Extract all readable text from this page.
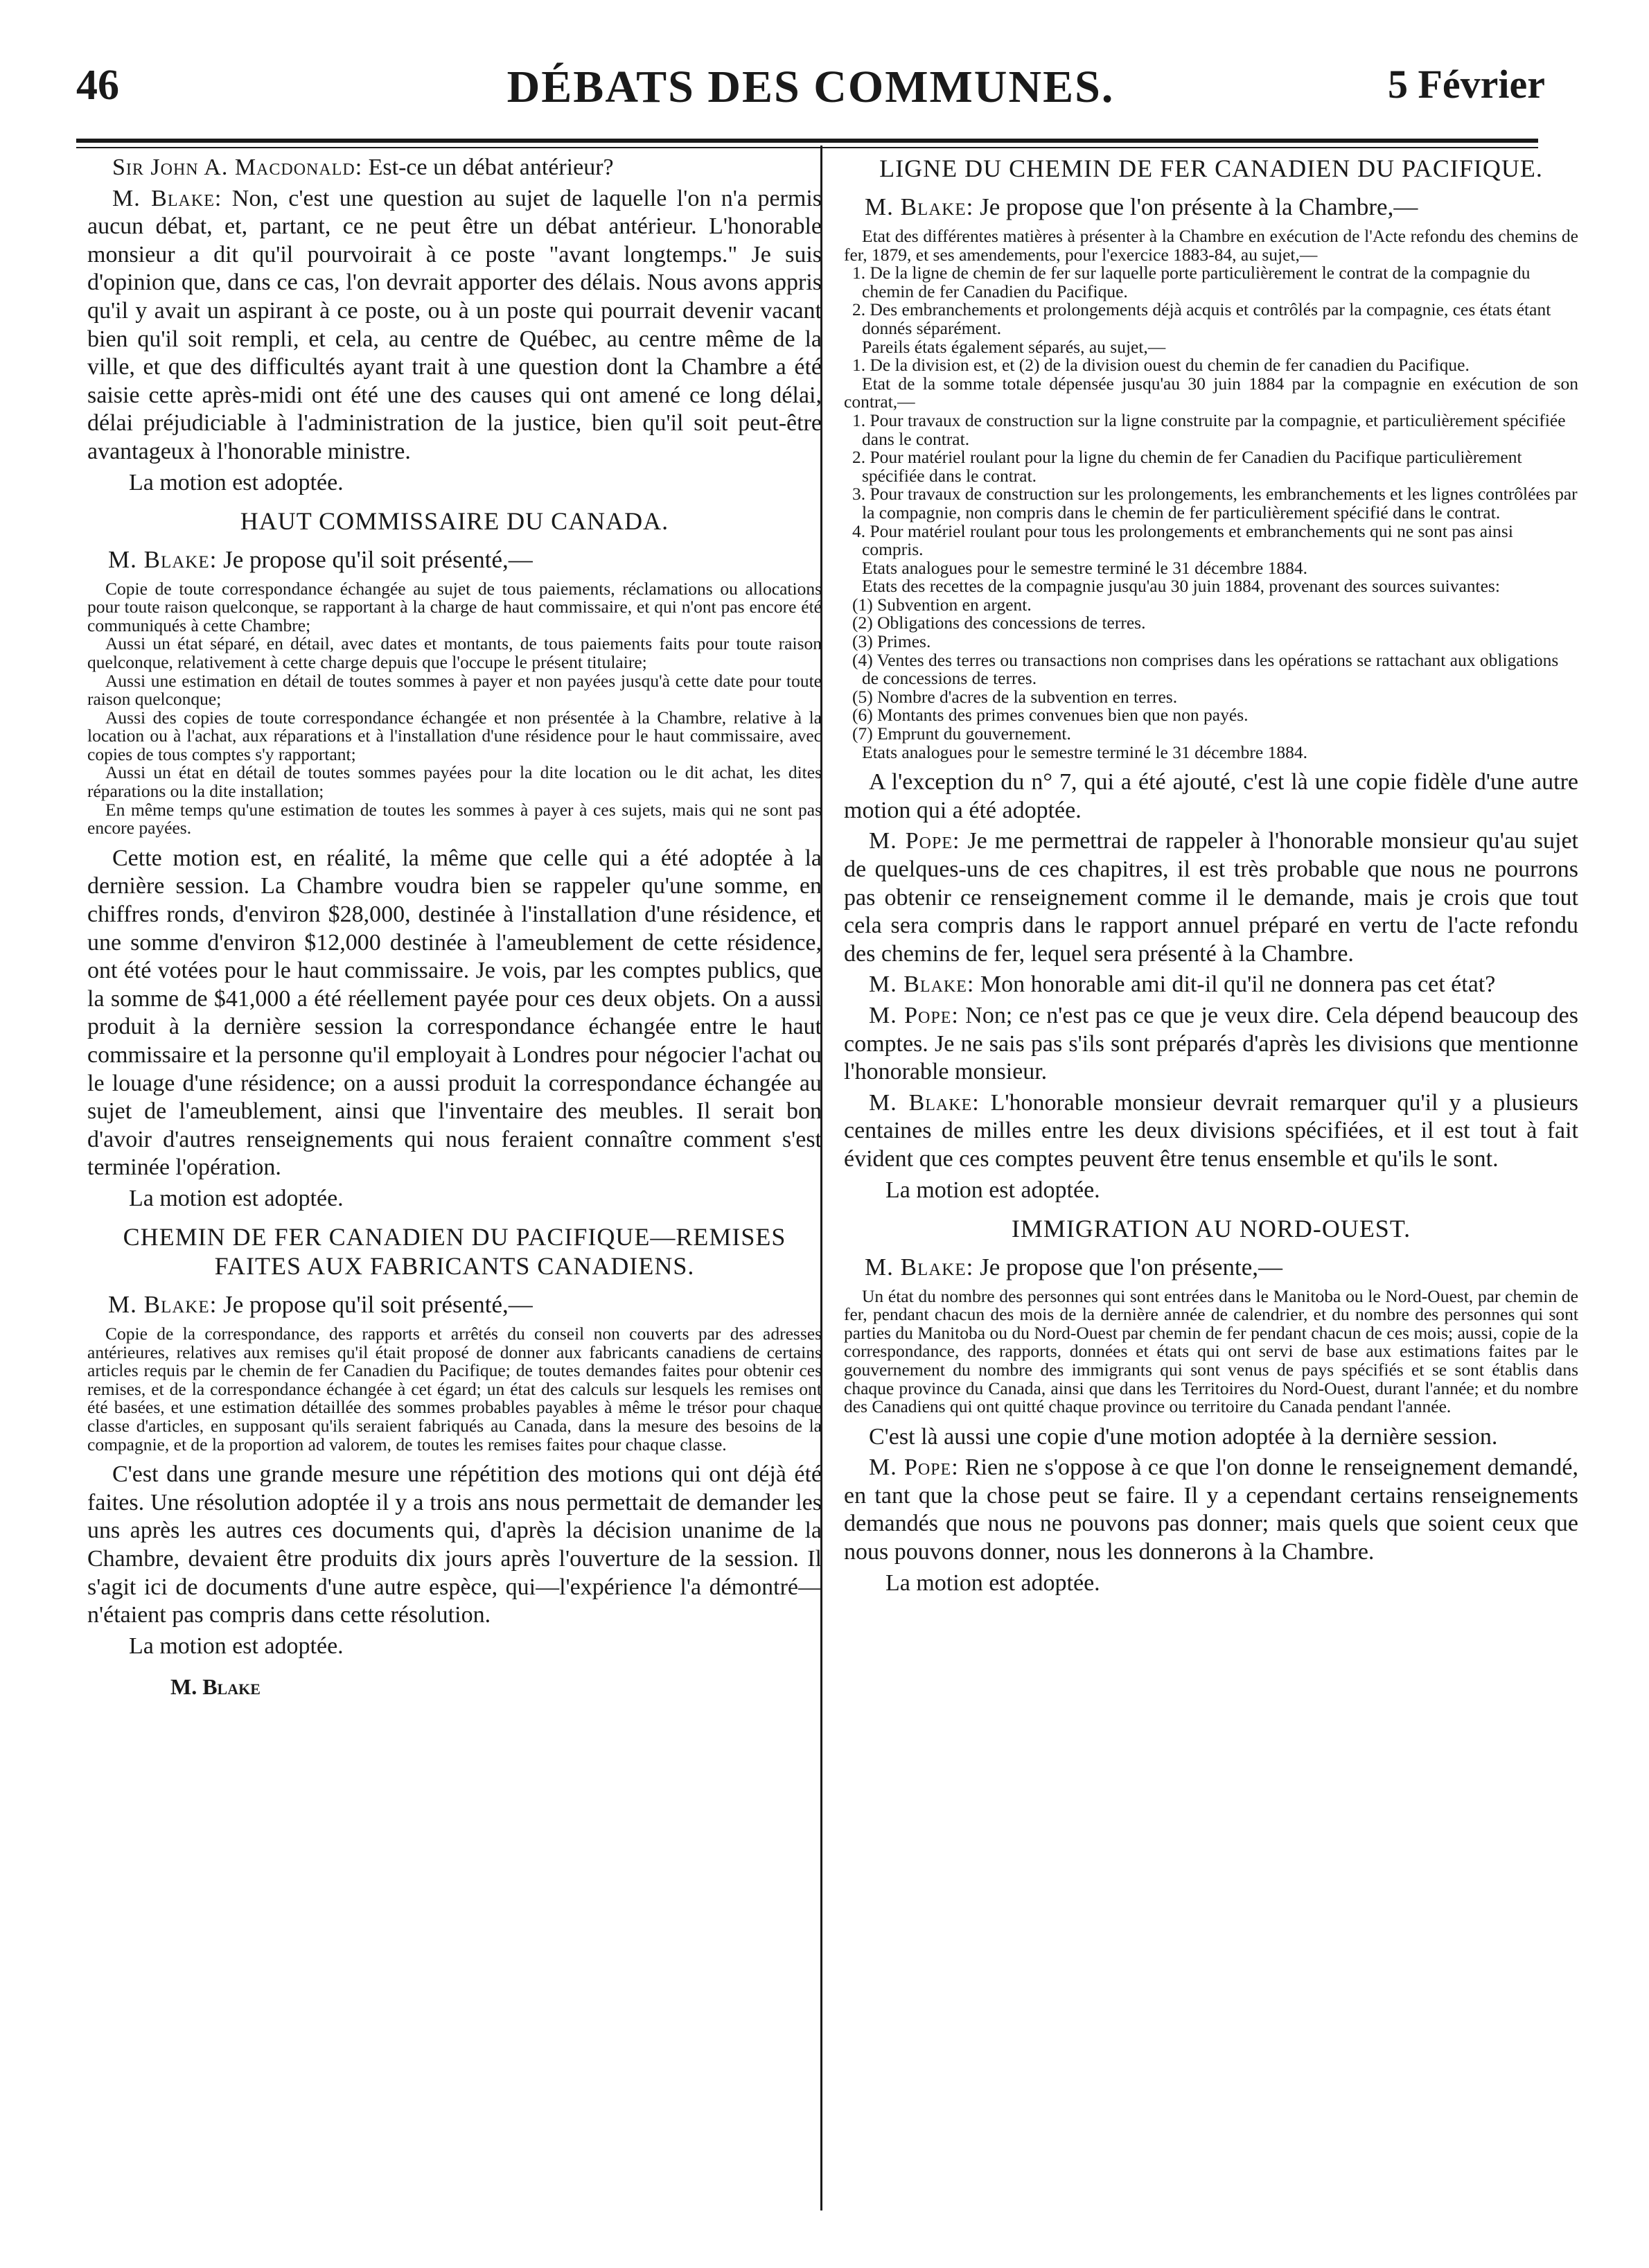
46	DÉBATS DES COMMUNES.	5 Février

Sir John A. Macdonald: Est-ce un débat antérieur?

M. Blake: Non, c'est une question au sujet de laquelle l'on n'a permis aucun débat, et, partant, ce ne peut être un débat antérieur. L'honorable monsieur a dit qu'il pourvoirait à ce poste "avant longtemps." Je suis d'opinion que, dans ce cas, l'on devrait apporter des délais. Nous avons appris qu'il y avait un aspirant à ce poste, ou à un poste qui pourrait devenir vacant bien qu'il soit rempli, et cela, au centre de Québec, au centre même de la ville, et que des difficultés ayant trait à une question dont la Chambre a été saisie cette après-midi ont été une des causes qui ont amené ce long délai, délai préjudiciable à l'administration de la justice, bien qu'il soit peut-être avantageux à l'honorable ministre.

La motion est adoptée.

HAUT COMMISSAIRE DU CANADA.

M. Blake: Je propose qu'il soit présenté,—

Copie de toute correspondance échangée au sujet de tous paiements, réclamations ou allocations pour toute raison quelconque, se rapportant à la charge de haut commissaire, et qui n'ont pas encore été communiqués à cette Chambre;

Aussi un état séparé, en détail, avec dates et montants, de tous paiements faits pour toute raison quelconque, relativement à cette charge depuis que l'occupe le présent titulaire;

Aussi une estimation en détail de toutes sommes à payer et non payées jusqu'à cette date pour toute raison quelconque;

Aussi des copies de toute correspondance échangée et non présentée à la Chambre, relative à la location ou à l'achat, aux réparations et à l'installation d'une résidence pour le haut commissaire, avec copies de tous comptes s'y rapportant;

Aussi un état en détail de toutes sommes payées pour la dite location ou le dit achat, les dites réparations ou la dite installation;

En même temps qu'une estimation de toutes les sommes à payer à ces sujets, mais qui ne sont pas encore payées.

Cette motion est, en réalité, la même que celle qui a été adoptée à la dernière session. La Chambre voudra bien se rappeler qu'une somme, en chiffres ronds, d'environ $28,000, destinée à l'installation d'une résidence, et une somme d'environ $12,000 destinée à l'ameublement de cette résidence, ont été votées pour le haut commissaire. Je vois, par les comptes publics, que la somme de $41,000 a été réellement payée pour ces deux objets. On a aussi produit à la dernière session la correspondance échangée entre le haut commissaire et la personne qu'il employait à Londres pour négocier l'achat ou le louage d'une résidence; on a aussi produit la correspondance échangée au sujet de l'ameublement, ainsi que l'inventaire des meubles. Il serait bon d'avoir d'autres renseignements qui nous feraient connaître comment s'est terminée l'opération.

La motion est adoptée.

CHEMIN DE FER CANADIEN DU PACIFIQUE—REMISES FAITES AUX FABRICANTS CANADIENS.

M. Blake: Je propose qu'il soit présenté,—

Copie de la correspondance, des rapports et arrêtés du conseil non couverts par des adresses antérieures, relatives aux remises qu'il était proposé de donner aux fabricants canadiens de certains articles requis par le chemin de fer Canadien du Pacifique; de toutes demandes faites pour obtenir ces remises, et de la correspondance échangée à cet égard; un état des calculs sur lesquels les remises ont été basées, et une estimation détaillée des sommes probables payables à même le trésor pour chaque classe d'articles, en supposant qu'ils seraient fabriqués au Canada, dans la mesure des besoins de la compagnie, et de la proportion ad valorem, de toutes les remises faites pour chaque classe.

C'est dans une grande mesure une répétition des motions qui ont déjà été faites. Une résolution adoptée il y a trois ans nous permettait de demander les uns après les autres ces documents qui, d'après la décision unanime de la Chambre, devaient être produits dix jours après l'ouverture de la session. Il s'agit ici de documents d'une autre espèce, qui—l'expérience l'a démontré—n'étaient pas compris dans cette résolution.

La motion est adoptée.

M. Blake

LIGNE DU CHEMIN DE FER CANADIEN DU PACIFIQUE.

M. Blake: Je propose que l'on présente à la Chambre,—

Etat des différentes matières à présenter à la Chambre en exécution de l'Acte refondu des chemins de fer, 1879, et ses amendements, pour l'exercice 1883-84, au sujet,—

1. De la ligne de chemin de fer sur laquelle porte particulièrement le contrat de la compagnie du chemin de fer Canadien du Pacifique.

2. Des embranchements et prolongements déjà acquis et contrôlés par la compagnie, ces états étant donnés séparément.

Pareils états également séparés, au sujet,—

1. De la division est, et (2) de la division ouest du chemin de fer canadien du Pacifique.

Etat de la somme totale dépensée jusqu'au 30 juin 1884 par la compagnie en exécution de son contrat,—

1. Pour travaux de construction sur la ligne construite par la compagnie, et particulièrement spécifiée dans le contrat.

2. Pour matériel roulant pour la ligne du chemin de fer Canadien du Pacifique particulièrement spécifiée dans le contrat.

3. Pour travaux de construction sur les prolongements, les embranchements et les lignes contrôlées par la compagnie, non compris dans le chemin de fer particulièrement spécifié dans le contrat.

4. Pour matériel roulant pour tous les prolongements et embranchements qui ne sont pas ainsi compris.

Etats analogues pour le semestre terminé le 31 décembre 1884.

Etats des recettes de la compagnie jusqu'au 30 juin 1884, provenant des sources suivantes:

(1) Subvention en argent.

(2) Obligations des concessions de terres.

(3) Primes.

(4) Ventes des terres ou transactions non comprises dans les opérations se rattachant aux obligations de concessions de terres.

(5) Nombre d'acres de la subvention en terres.

(6) Montants des primes convenues bien que non payés.

(7) Emprunt du gouvernement.

Etats analogues pour le semestre terminé le 31 décembre 1884.

A l'exception du n° 7, qui a été ajouté, c'est là une copie fidèle d'une autre motion qui a été adoptée.

M. Pope: Je me permettrai de rappeler à l'honorable monsieur qu'au sujet de quelques-uns de ces chapitres, il est très probable que nous ne pourrons pas obtenir ce renseignement comme il le demande, mais je crois que tout cela sera compris dans le rapport annuel préparé en vertu de l'acte refondu des chemins de fer, lequel sera présenté à la Chambre.

M. Blake: Mon honorable ami dit-il qu'il ne donnera pas cet état?

M. Pope: Non; ce n'est pas ce que je veux dire. Cela dépend beaucoup des comptes. Je ne sais pas s'ils sont préparés d'après les divisions que mentionne l'honorable monsieur.

M. Blake: L'honorable monsieur devrait remarquer qu'il y a plusieurs centaines de milles entre les deux divisions spécifiées, et il est tout à fait évident que ces comptes peuvent être tenus ensemble et qu'ils le sont.

La motion est adoptée.

IMMIGRATION AU NORD-OUEST.

M. Blake: Je propose que l'on présente,—

Un état du nombre des personnes qui sont entrées dans le Manitoba ou le Nord-Ouest, par chemin de fer, pendant chacun des mois de la dernière année de calendrier, et du nombre des personnes qui sont parties du Manitoba ou du Nord-Ouest par chemin de fer pendant chacun de ces mois; aussi, copie de la correspondance, des rapports, données et états qui ont servi de base aux estimations faites par le gouvernement du nombre des immigrants qui sont venus de pays spécifiés et se sont établis dans chaque province du Canada, ainsi que dans les Territoires du Nord-Ouest, durant l'année; et du nombre des Canadiens qui ont quitté chaque province ou territoire du Canada pendant l'année.

C'est là aussi une copie d'une motion adoptée à la dernière session.

M. Pope: Rien ne s'oppose à ce que l'on donne le renseignement demandé, en tant que la chose peut se faire. Il y a cependant certains renseignements demandés que nous ne pouvons pas donner; mais quels que soient ceux que nous pouvons donner, nous les donnerons à la Chambre.

La motion est adoptée.
